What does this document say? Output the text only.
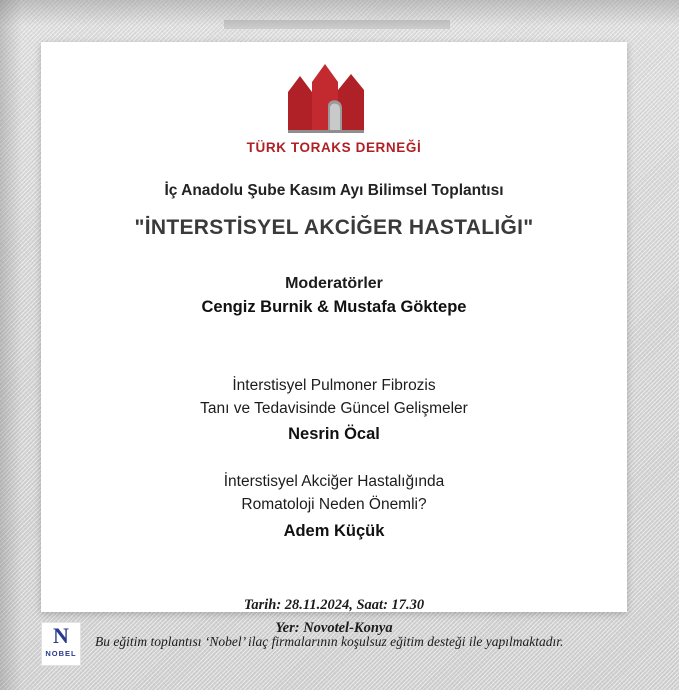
TÜRK TORAKS DERNEĞİ
İç Anadolu Şube Kasım Ayı Bilimsel Toplantısı
"İNTERSTİSYEL AKCİĞER HASTALIĞI"
Moderatörler
Cengiz Burnik & Mustafa Göktepe
İnterstisyel Pulmoner Fibrozis
Tanı ve Tedavisinde Güncel Gelişmeler
Nesrin Öcal
İnterstisyel Akciğer Hastalığında
Romatoloji Neden Önemli?
Adem Küçük
Tarih: 28.11.2024, Saat: 17.30
Yer: Novotel-Konya
N
NOBEL
Bu eğitim toplantısı ‘Nobel’ ilaç firmalarının koşulsuz eğitim desteği ile yapılmaktadır.
